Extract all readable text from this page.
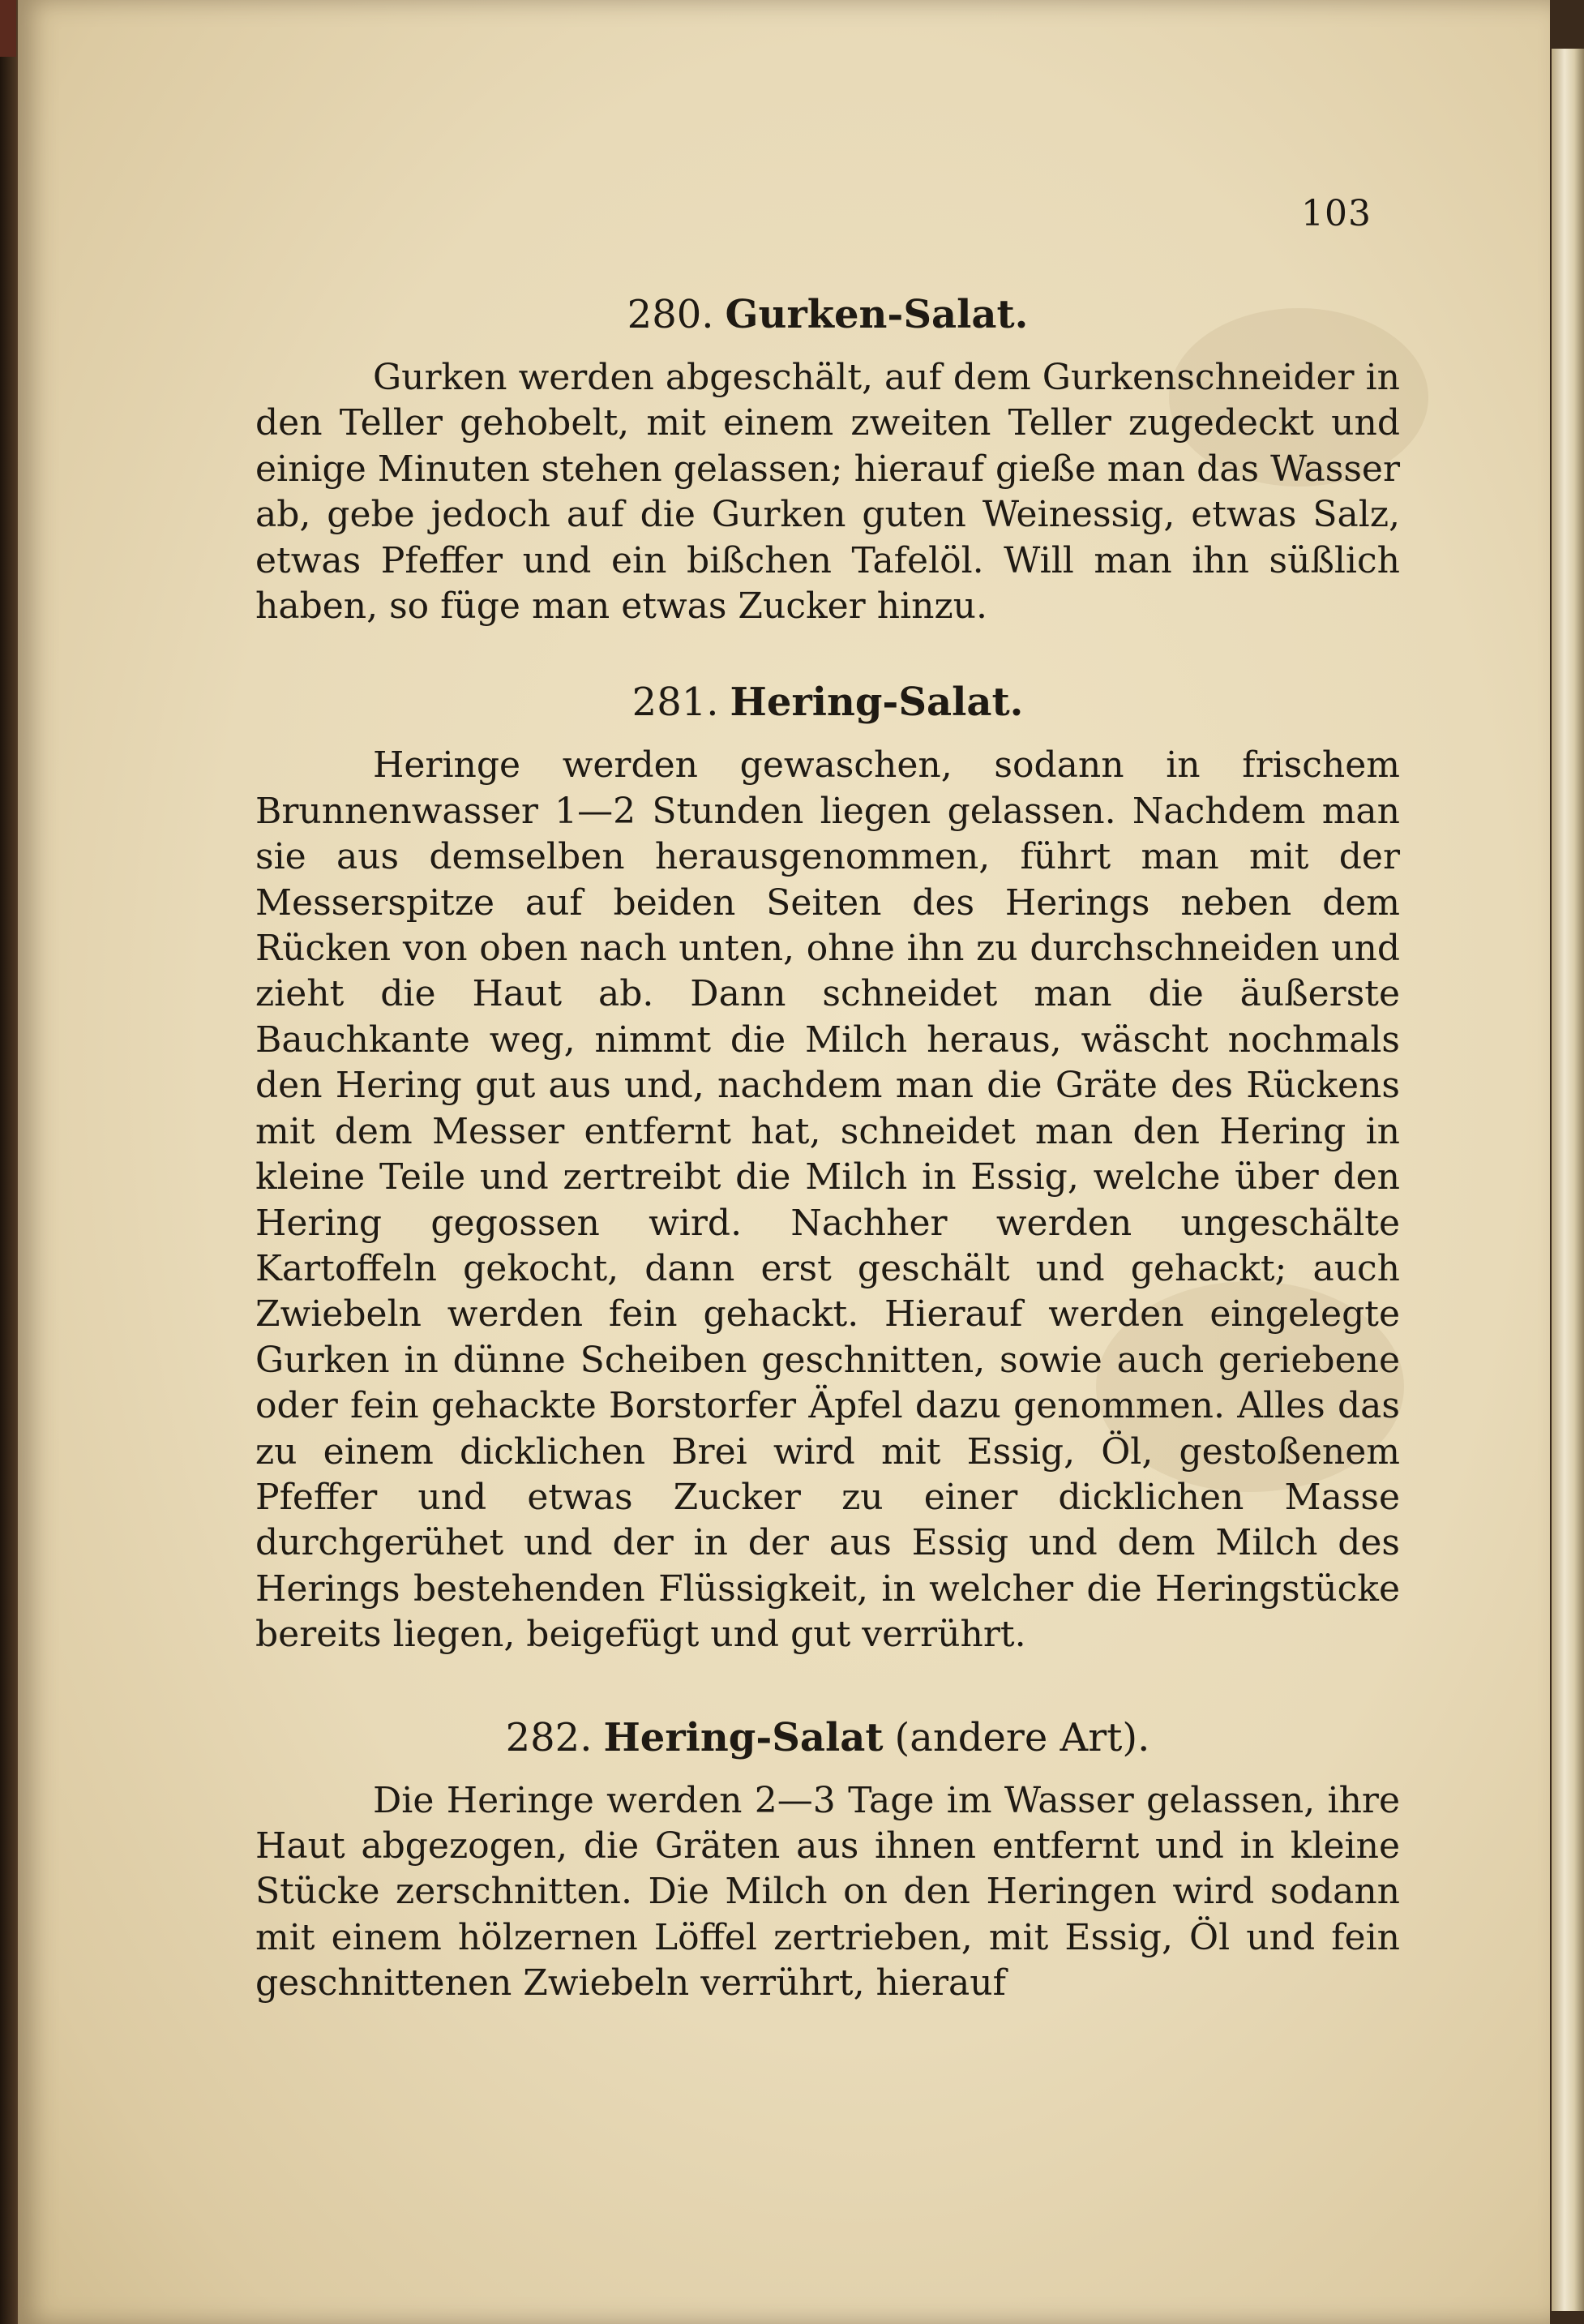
103
280. Gurken-Salat.

Gurken werden abgeschält, auf dem Gurkenschneider in den Teller gehobelt, mit einem zweiten Teller zugedeckt und einige Minuten stehen gelassen; hierauf gieße man das Wasser ab, gebe jedoch auf die Gurken guten Weinessig, etwas Salz, etwas Pfeffer und ein bißchen Tafelöl. Will man ihn süßlich haben, so füge man etwas Zucker hinzu.

281. Hering-Salat.

Heringe werden gewaschen, sodann in frischem Brunnenwasser 1—2 Stunden liegen gelassen. Nachdem man sie aus demselben herausgenommen, führt man mit der Messerspitze auf beiden Seiten des Herings neben dem Rücken von oben nach unten, ohne ihn zu durchschneiden und zieht die Haut ab. Dann schneidet man die äußerste Bauchkante weg, nimmt die Milch heraus, wäscht nochmals den Hering gut aus und, nachdem man die Gräte des Rückens mit dem Messer entfernt hat, schneidet man den Hering in kleine Teile und zertreibt die Milch in Essig, welche über den Hering gegossen wird. Nachher werden ungeschälte Kartoffeln gekocht, dann erst geschält und gehackt; auch Zwiebeln werden fein gehackt. Hierauf werden eingelegte Gurken in dünne Scheiben geschnitten, sowie auch geriebene oder fein gehackte Borstorfer Äpfel dazu genommen. Alles das zu einem dicklichen Brei wird mit Essig, Öl, gestoßenem Pfeffer und etwas Zucker zu einer dicklichen Masse durchgerühet und der in der aus Essig und dem Milch des Herings bestehenden Flüssigkeit, in welcher die Heringstücke bereits liegen, beigefügt und gut verrührt.

282. Hering-Salat (andere Art).

Die Heringe werden 2—3 Tage im Wasser gelassen, ihre Haut abgezogen, die Gräten aus ihnen entfernt und in kleine Stücke zerschnitten. Die Milch on den Heringen wird sodann mit einem hölzernen Löffel zertrieben, mit Essig, Öl und fein geschnittenen Zwiebeln verrührt, hierauf
